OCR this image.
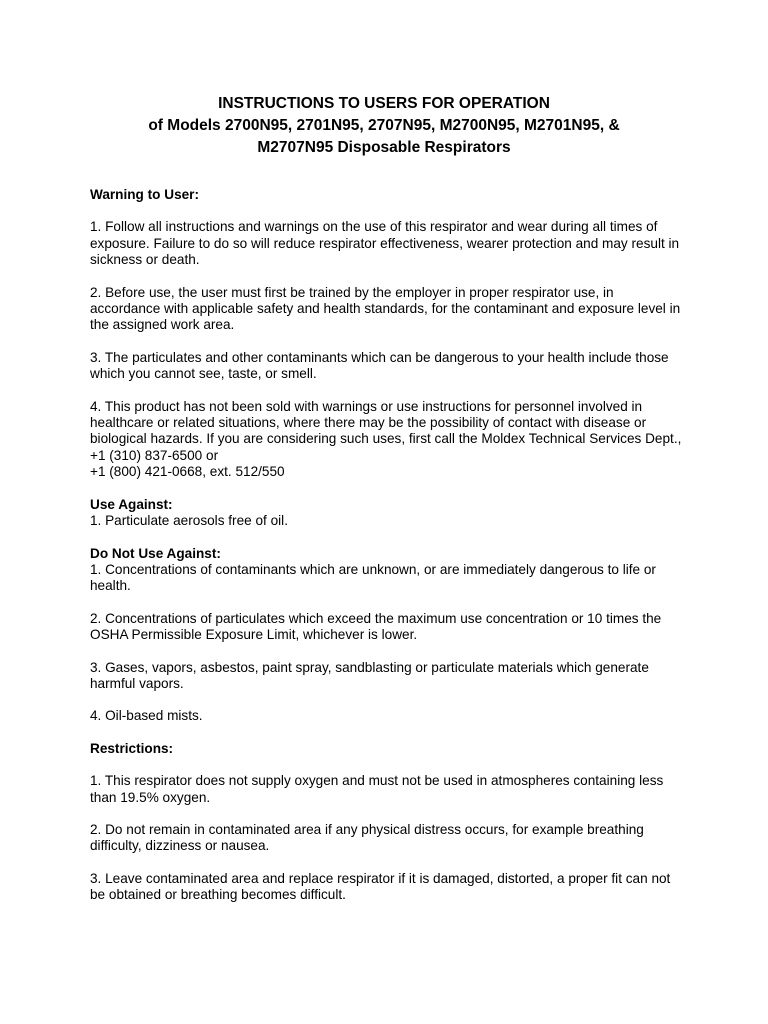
INSTRUCTIONS TO USERS FOR OPERATION
of Models 2700N95, 2701N95, 2707N95, M2700N95, M2701N95, &
M2707N95 Disposable Respirators

Warning to User:

1. Follow all instructions and warnings on the use of this respirator and wear during all times of exposure. Failure to do so will reduce respirator effectiveness, wearer protection and may result in sickness or death.

2. Before use, the user must first be trained by the employer in proper respirator use, in accordance with applicable safety and health standards, for the contaminant and exposure level in the assigned work area.

3. The particulates and other contaminants which can be dangerous to your health include those which you cannot see, taste, or smell.

4. This product has not been sold with warnings or use instructions for personnel involved in healthcare or related situations, where there may be the possibility of contact with disease or biological hazards. If you are considering such uses, first call the Moldex Technical Services Dept.,

+1 (310) 837-6500 or

+1 (800) 421-0668, ext. 512/550

Use Against:

1. Particulate aerosols free of oil.

Do Not Use Against:

1. Concentrations of contaminants which are unknown, or are immediately dangerous to life or health.

2. Concentrations of particulates which exceed the maximum use concentration or 10 times the OSHA Permissible Exposure Limit, whichever is lower.

3. Gases, vapors, asbestos, paint spray, sandblasting or particulate materials which generate harmful vapors.

4. Oil-based mists.

Restrictions:

1. This respirator does not supply oxygen and must not be used in atmospheres containing less than 19.5% oxygen.

2. Do not remain in contaminated area if any physical distress occurs, for example breathing difficulty, dizziness or nausea.

3. Leave contaminated area and replace respirator if it is damaged, distorted, a proper fit can not be obtained or breathing becomes difficult.
